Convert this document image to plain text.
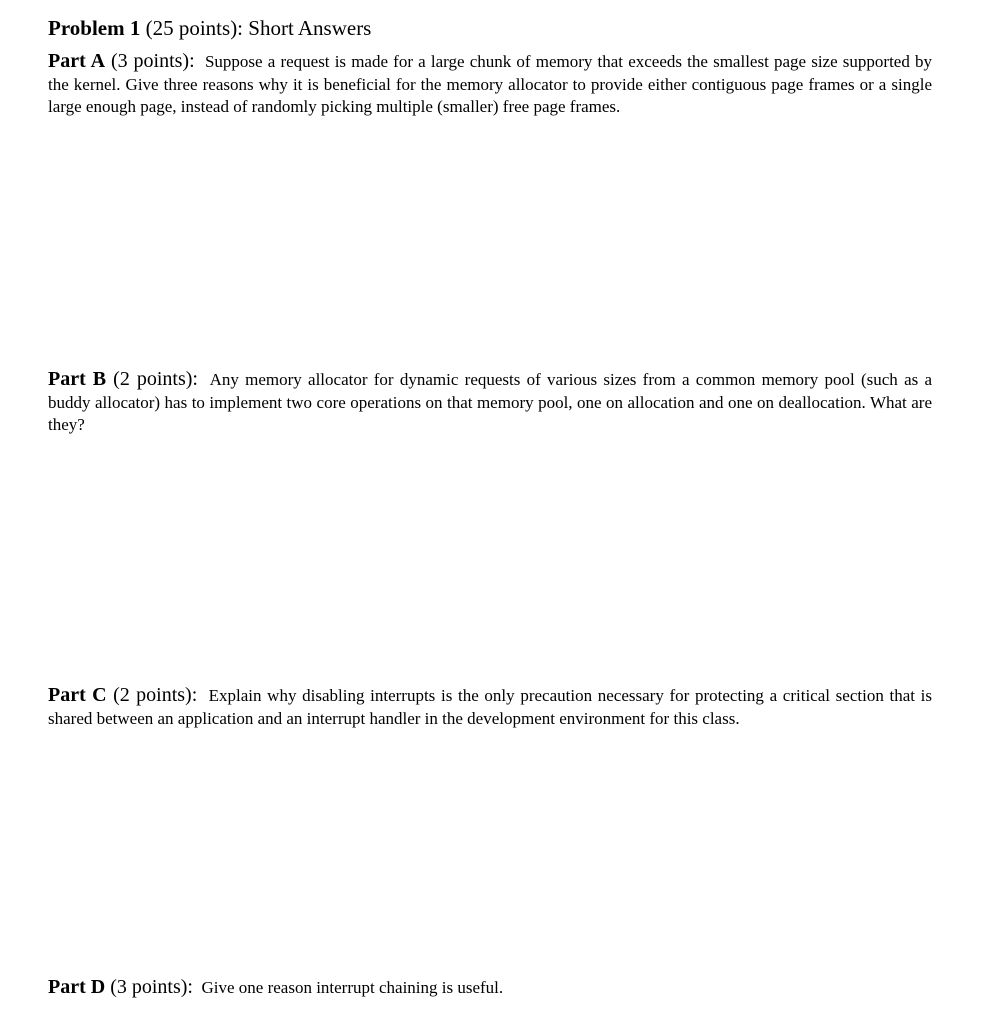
Problem 1 (25 points): Short Answers
Part A (3 points): Suppose a request is made for a large chunk of memory that exceeds the smallest page size supported by the kernel. Give three reasons why it is beneficial for the memory allocator to provide either contiguous page frames or a single large enough page, instead of randomly picking multiple (smaller) free page frames.
Part B (2 points): Any memory allocator for dynamic requests of various sizes from a common memory pool (such as a buddy allocator) has to implement two core operations on that memory pool, one on allocation and one on deallocation. What are they?
Part C (2 points): Explain why disabling interrupts is the only precaution necessary for protecting a critical section that is shared between an application and an interrupt handler in the development environment for this class.
Part D (3 points): Give one reason interrupt chaining is useful.
